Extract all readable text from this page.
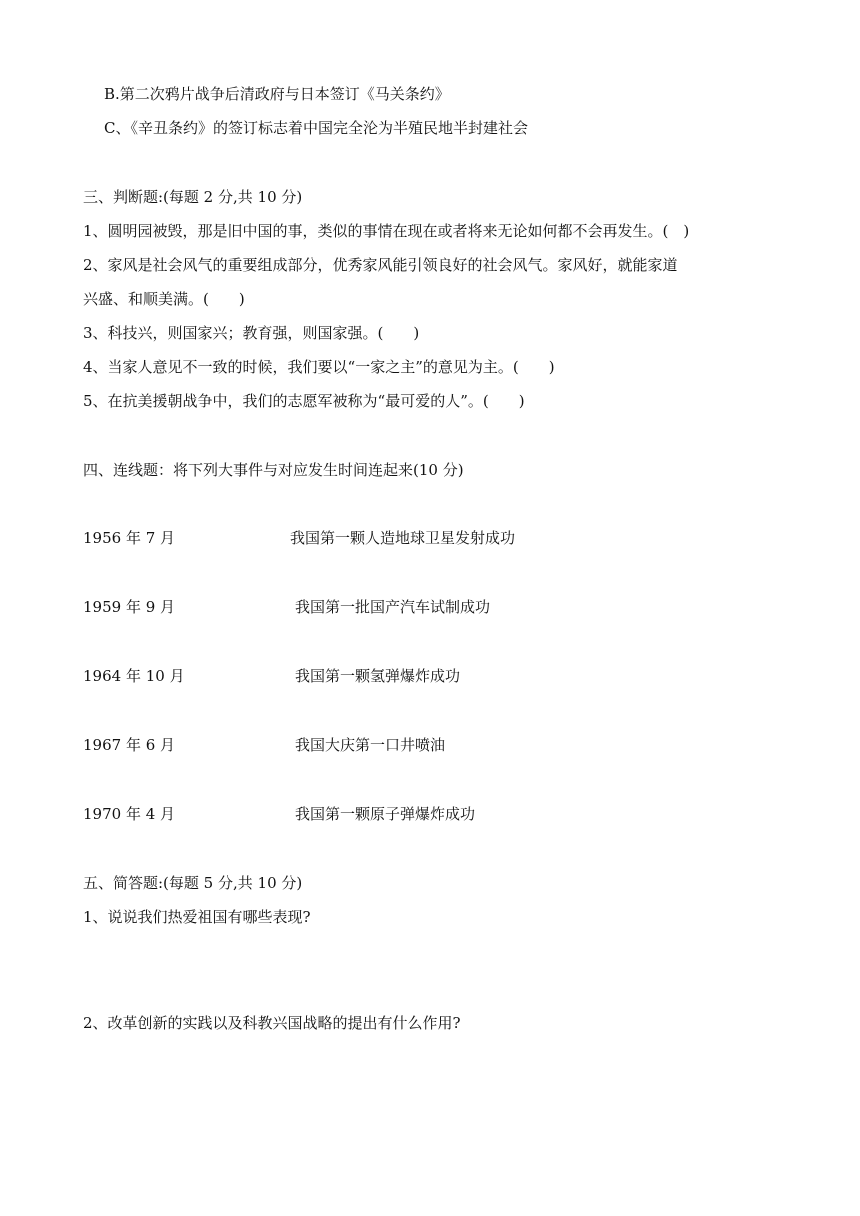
B.第二次鸦片战争后清政府与日本签订《马关条约》
C、《辛丑条约》的签订标志着中国完全沦为半殖民地半封建社会
三、判断题:(每题 2 分,共 10 分)
1、圆明园被毁，那是旧中国的事，类似的事情在现在或者将来无论如何都不会再发生。(　)
2、家风是社会风气的重要组成部分，优秀家风能引领良好的社会风气。家风好，就能家道
兴盛、和顺美满。(　　)
3、科技兴，则国家兴；教育强，则国家强。(　　)
4、当家人意见不一致的时候，我们要以“一家之主”的意见为主。(　　)
5、在抗美援朝战争中，我们的志愿军被称为“最可爱的人”。(　　)
四、连线题：将下列大事件与对应发生时间连起来(10 分)
1956 年 7 月	我国第一颗人造地球卫星发射成功
1959 年 9 月	我国第一批国产汽车试制成功
1964 年 10 月	我国第一颗氢弹爆炸成功
1967 年 6 月	我国大庆第一口井喷油
1970 年 4 月	我国第一颗原子弹爆炸成功
五、简答题:(每题 5 分,共 10 分)
1、说说我们热爱祖国有哪些表现?
2、改革创新的实践以及科教兴国战略的提出有什么作用?
